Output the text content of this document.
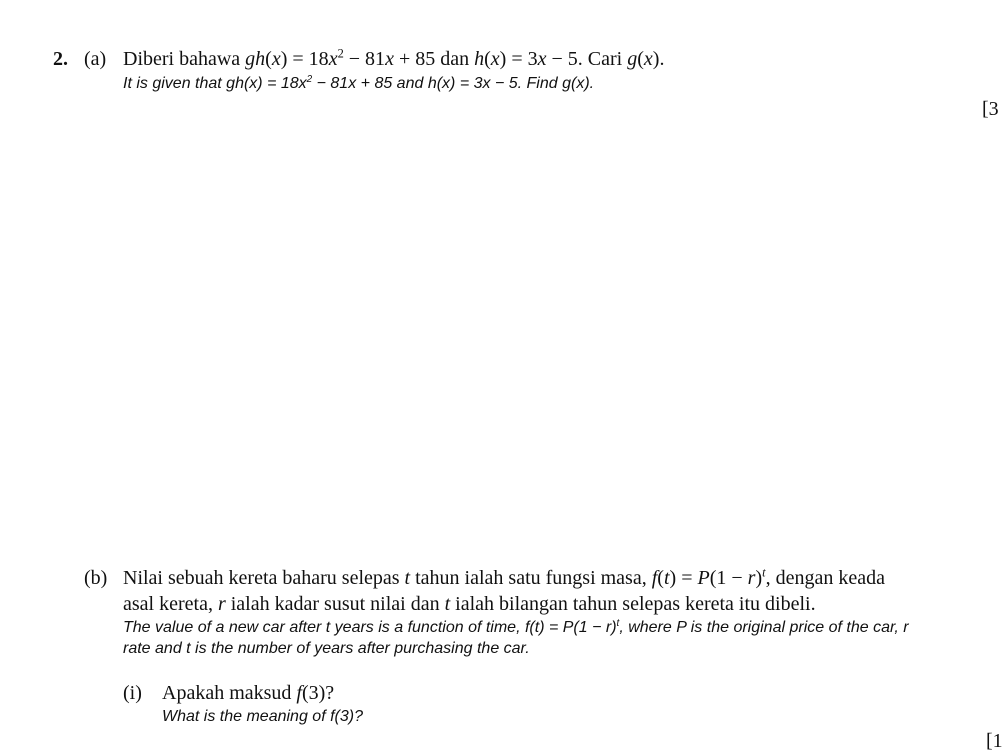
2. (a) Diberi bahawa $gh(x) = 18x^2 - 81x + 85$ dan h(x) = 3x − 5. Cari g(x).
It is given that $gh(x) = 18x^2 - 81x + 85$ and h(x) = 3x − 5. Find g(x).
[3
(b) Nilai sebuah kereta baharu selepas t tahun ialah satu fungsi masa, $f(t) = P(1 - r)^t$, dengan keada
asal kereta, r ialah kadar susut nilai dan t ialah bilangan tahun selepas kereta itu dibeli.
The value of a new car after t years is a function of time, $f(t) = P(1 - r)^t$, where P is the original price of the car, r
rate and t is the number of years after purchasing the car.
(i) Apakah maksud f(3)?
What is the meaning of f(3)?
[1
